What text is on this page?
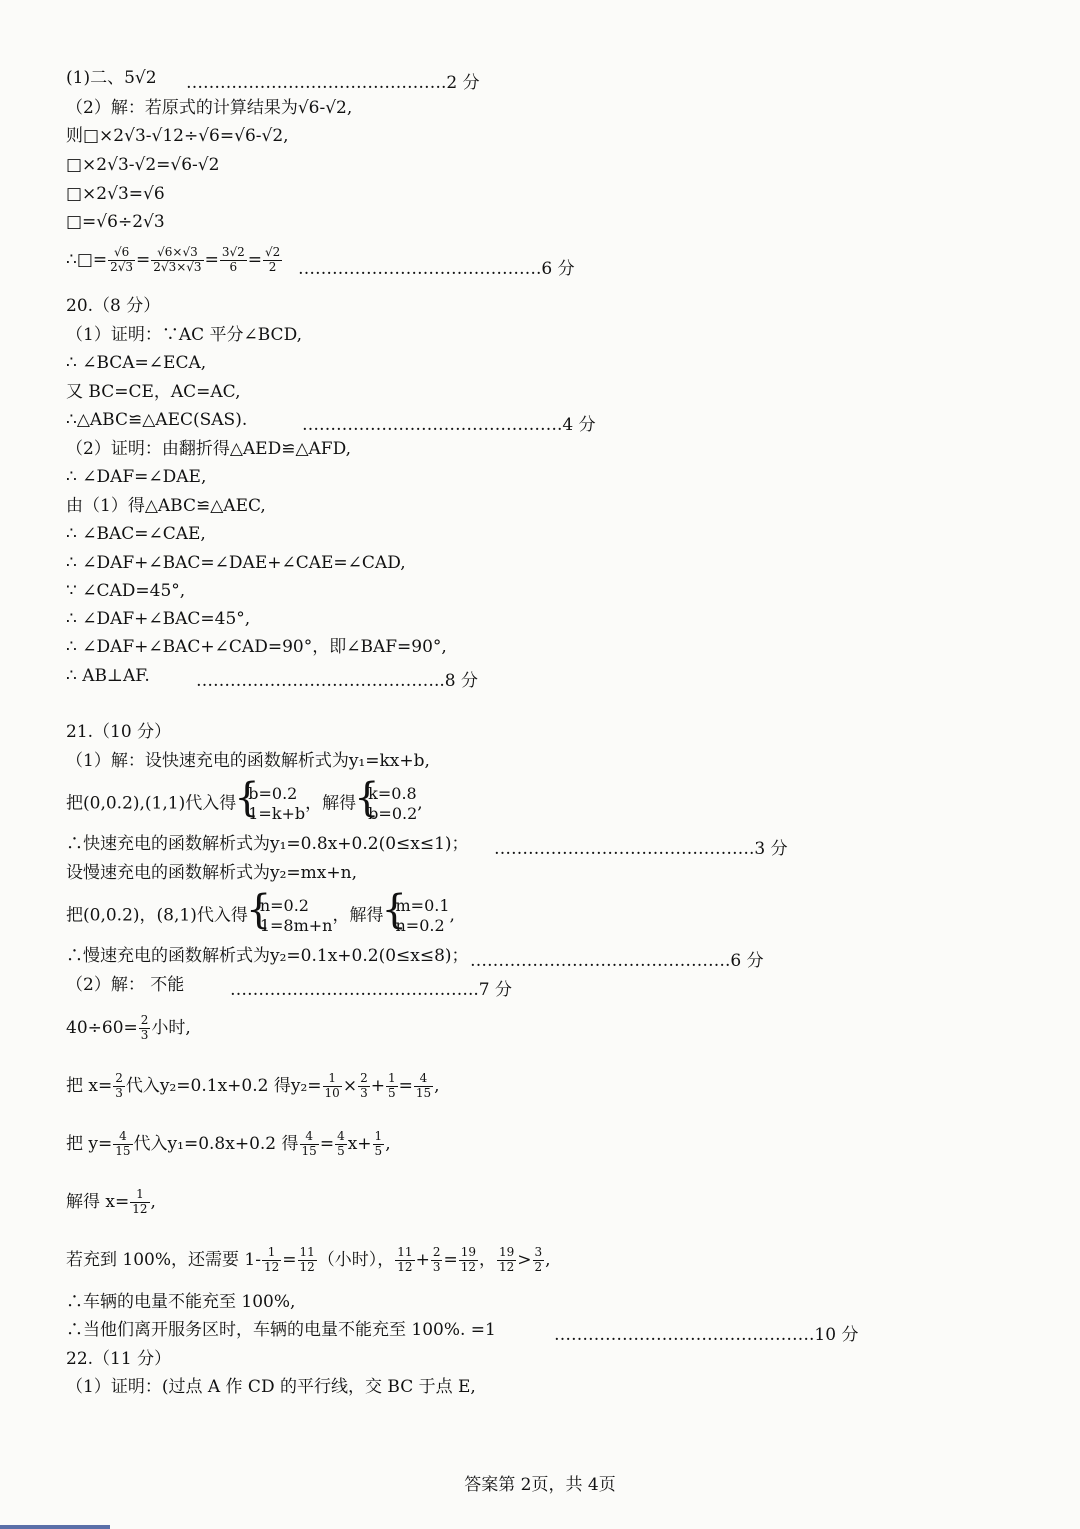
(1)二、5√2 ……………………………………….2 分
（2）解：若原式的计算结果为√6-√2,
则□×2√3-√12÷√6=√6-√2,
□×2√3-√2=√6-√2
□×2√3=√6
□=√6÷2√3
∴□= $\frac{√6}{2√3} = \frac{√6\times√3}{2√3\times√3} = \frac{3√2}{6} = \frac{√2}{2}$ …………………………………….6 分
20.（8 分）
（1）证明：∵AC 平分∠BCD,
∴ ∠BCA=∠ECA,
又 BC=CE，AC=AC,
∴△ABC≌△AEC(SAS).	……………………………………….4 分
（2）证明：由翻折得△AED≌△AFD,
∴ ∠DAF=∠DAE,
由（1）得△ABC≌△AEC,
∴ ∠BAC=∠CAE,
∴ ∠DAF+∠BAC=∠DAE+∠CAE=∠CAD,
∵ ∠CAD=45°,
∴ ∠DAF+∠BAC=45°,
∴ ∠DAF+∠BAC+∠CAD=90°，即∠BAF=90°,
∴ AB⊥AF.	……………………………………..8 分
21.（10 分）
（1）解：设快速充电的函数解析式为y₁=kx+b,
把(0,0.2),(1,1)代入得 { b=0.2
1=k+b ，解得 { k=0.8
b=0.2 ,
∴快速充电的函数解析式为y₁=0.8x+0.2(0≤x≤1)； ……………………………………….3 分
设慢速充电的函数解析式为y₂=mx+n,
把(0,0.2)，(8,1)代入得 { n=0.2
1=8m+n ，解得 { m=0.1
n=0.2 ,
∴慢速充电的函数解析式为y₂=0.1x+0.2(0≤x≤8)； ……………………………………….6 分
（2）解： 不能	……………………………………..7 分
$40\div 60= \frac{2}{3}$ 小时,
把 $x= \frac{2}{3}$ 代入y₂=0.1x+0.2 得$y_2= \frac{1}{10} \times \frac{2}{3} + \frac{1}{5} = \frac{4}{15}$ ,
把 $y= \frac{4}{15}$ 代入y₁=0.8x+0.2 得 $\frac{4}{15} = \frac{4}{5} x+ \frac{1}{5}$ ,
解得 $x= \frac{1}{12}$ ,
若充到 100%，还需要 $1- \frac{1}{12} = \frac{11}{12}$ （小时）， $\frac{11}{12} + \frac{2}{3} = \frac{19}{12}$ ， $\frac{19}{12} > \frac{3}{2}$ ,
∴车辆的电量不能充至 100%,
∴当他们离开服务区时，车辆的电量不能充至 100%. =1	……………………………………….10 分
22.（11 分）
（1）证明：(过点 A 作 CD 的平行线，交 BC 于点 E,
答案第 2页，共 4页
